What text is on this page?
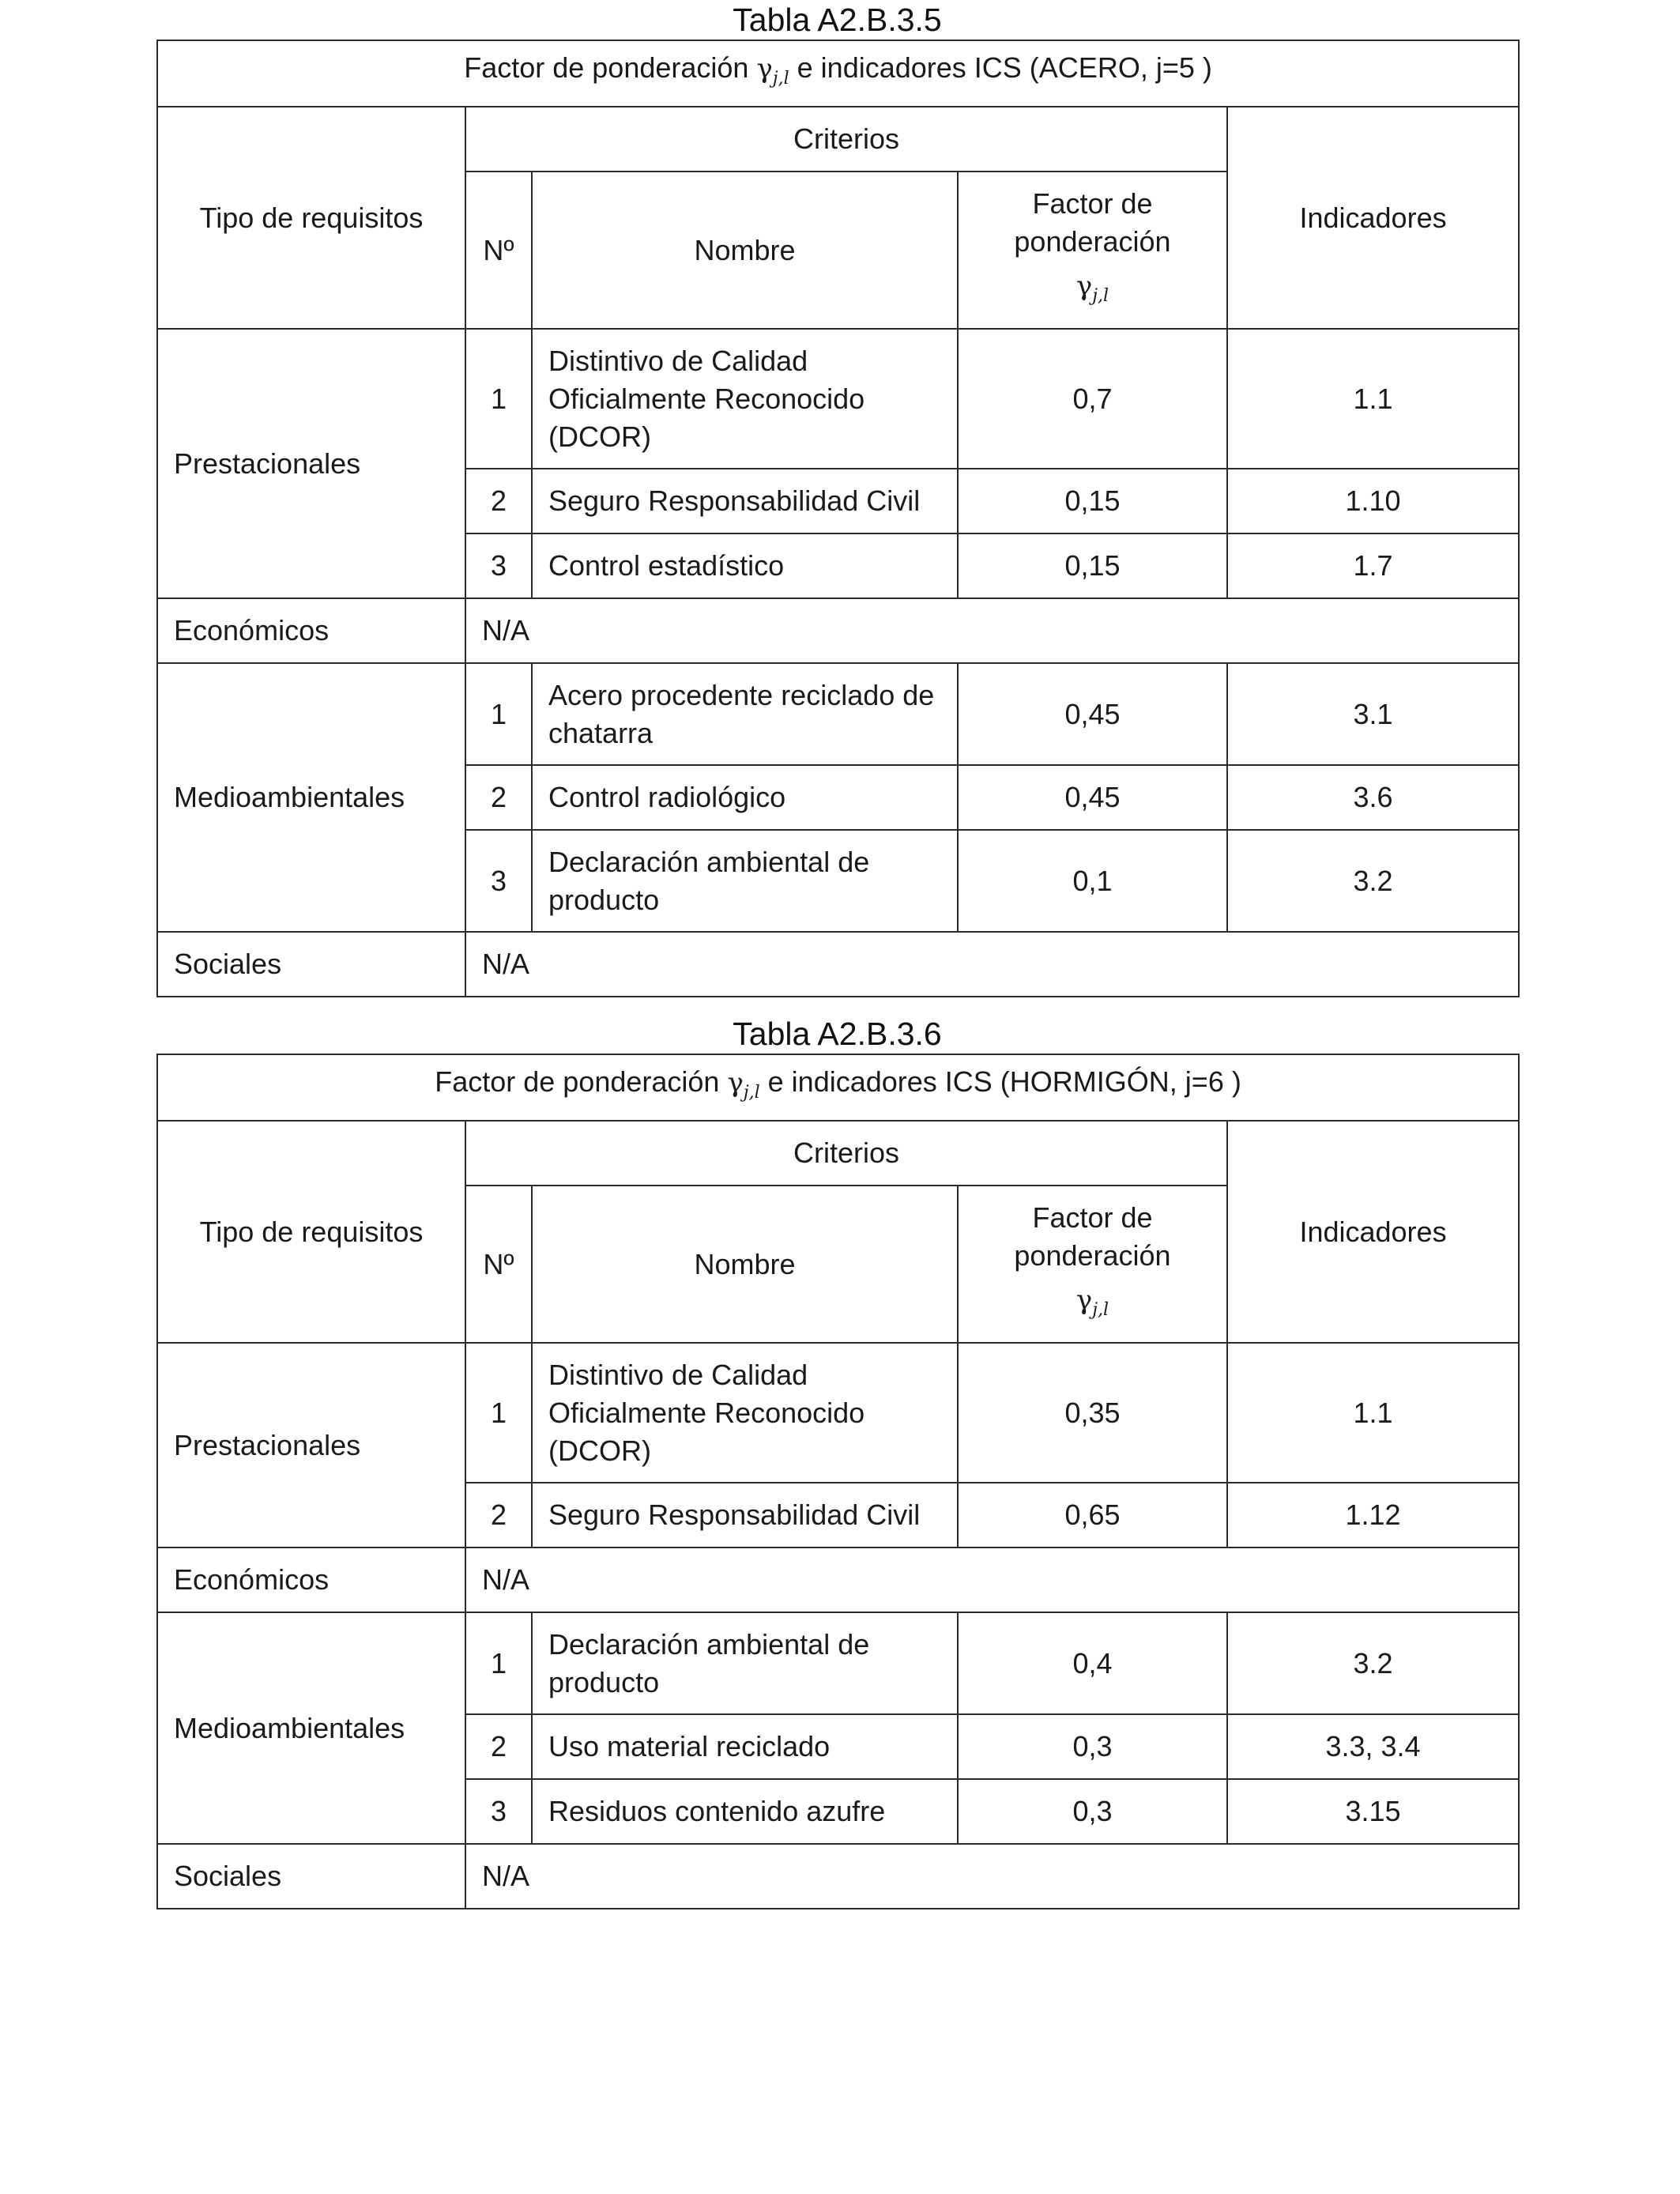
Tabla A2.B.3.5
Factor de ponderación $\gamma_{j,l}$ e indicadores ICS (ACERO, j=5 )				
Tipo de requisitos	Criterios			Indicadores
	Nº	Nombre	Factor de ponderación
$\gamma_{j,l}$

Prestacionales	1	Distintivo de Calidad Oficialmente Reconocido (DCOR)	0,7	1.1
	2	Seguro Responsabilidad Civil	0,15	1.10
	3	Control estadístico	0,15	1.7
Económicos	N/A			
Medioambientales	1	Acero procedente reciclado de chatarra	0,45	3.1
	2	Control radiológico	0,45	3.6
	3	Declaración ambiental de producto	0,1	3.2
Sociales	N/A			
Tabla A2.B.3.6
Factor de ponderación $\gamma_{j,l}$ e indicadores ICS (HORMIGÓN, j=6 )				
Tipo de requisitos	Criterios			Indicadores
	Nº	Nombre	Factor de ponderación
$\gamma_{j,l}$

Prestacionales	1	Distintivo de Calidad Oficialmente Reconocido (DCOR)	0,35	1.1
	2	Seguro Responsabilidad Civil	0,65	1.12
Económicos	N/A			
Medioambientales	1	Declaración ambiental de producto	0,4	3.2
	2	Uso material reciclado	0,3	3.3, 3.4
	3	Residuos contenido azufre	0,3	3.15
Sociales	N/A			
